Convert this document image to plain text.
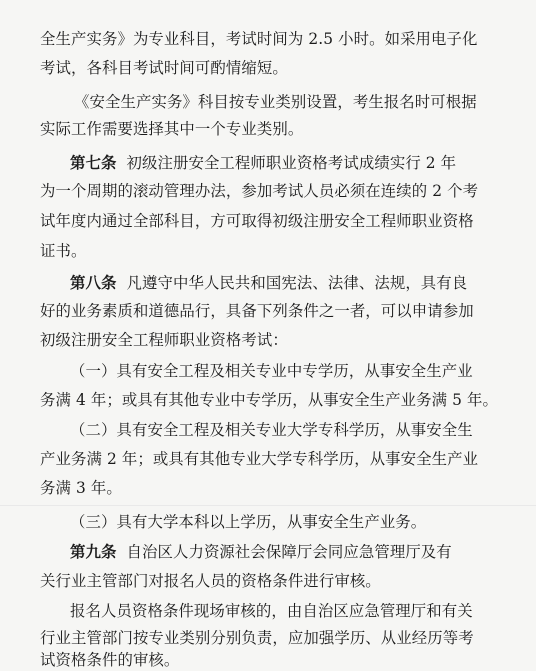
全生产实务》为专业科目，考试时间为 2.5 小时。如采用电子化
考试，各科目考试时间可酌情缩短。
《安全生产实务》科目按专业类别设置，考生报名时可根据
实际工作需要选择其中一个专业类别。
第七条 初级注册安全工程师职业资格考试成绩实行 2 年
为一个周期的滚动管理办法，参加考试人员必须在连续的 2 个考
试年度内通过全部科目，方可取得初级注册安全工程师职业资格
证书。
第八条 凡遵守中华人民共和国宪法、法律、法规，具有良
好的业务素质和道德品行，具备下列条件之一者，可以申请参加
初级注册安全工程师职业资格考试：
（一）具有安全工程及相关专业中专学历，从事安全生产业
务满 4 年；或具有其他专业中专学历，从事安全生产业务满 5 年。
（二）具有安全工程及相关专业大学专科学历，从事安全生
产业务满 2 年；或具有其他专业大学专科学历，从事安全生产业
务满 3 年。
（三）具有大学本科以上学历，从事安全生产业务。
第九条 自治区人力资源社会保障厅会同应急管理厅及有
关行业主管部门对报名人员的资格条件进行审核。
报名人员资格条件现场审核的，由自治区应急管理厅和有关
行业主管部门按专业类别分别负责，应加强学历、从业经历等考
试资格条件的审核。
